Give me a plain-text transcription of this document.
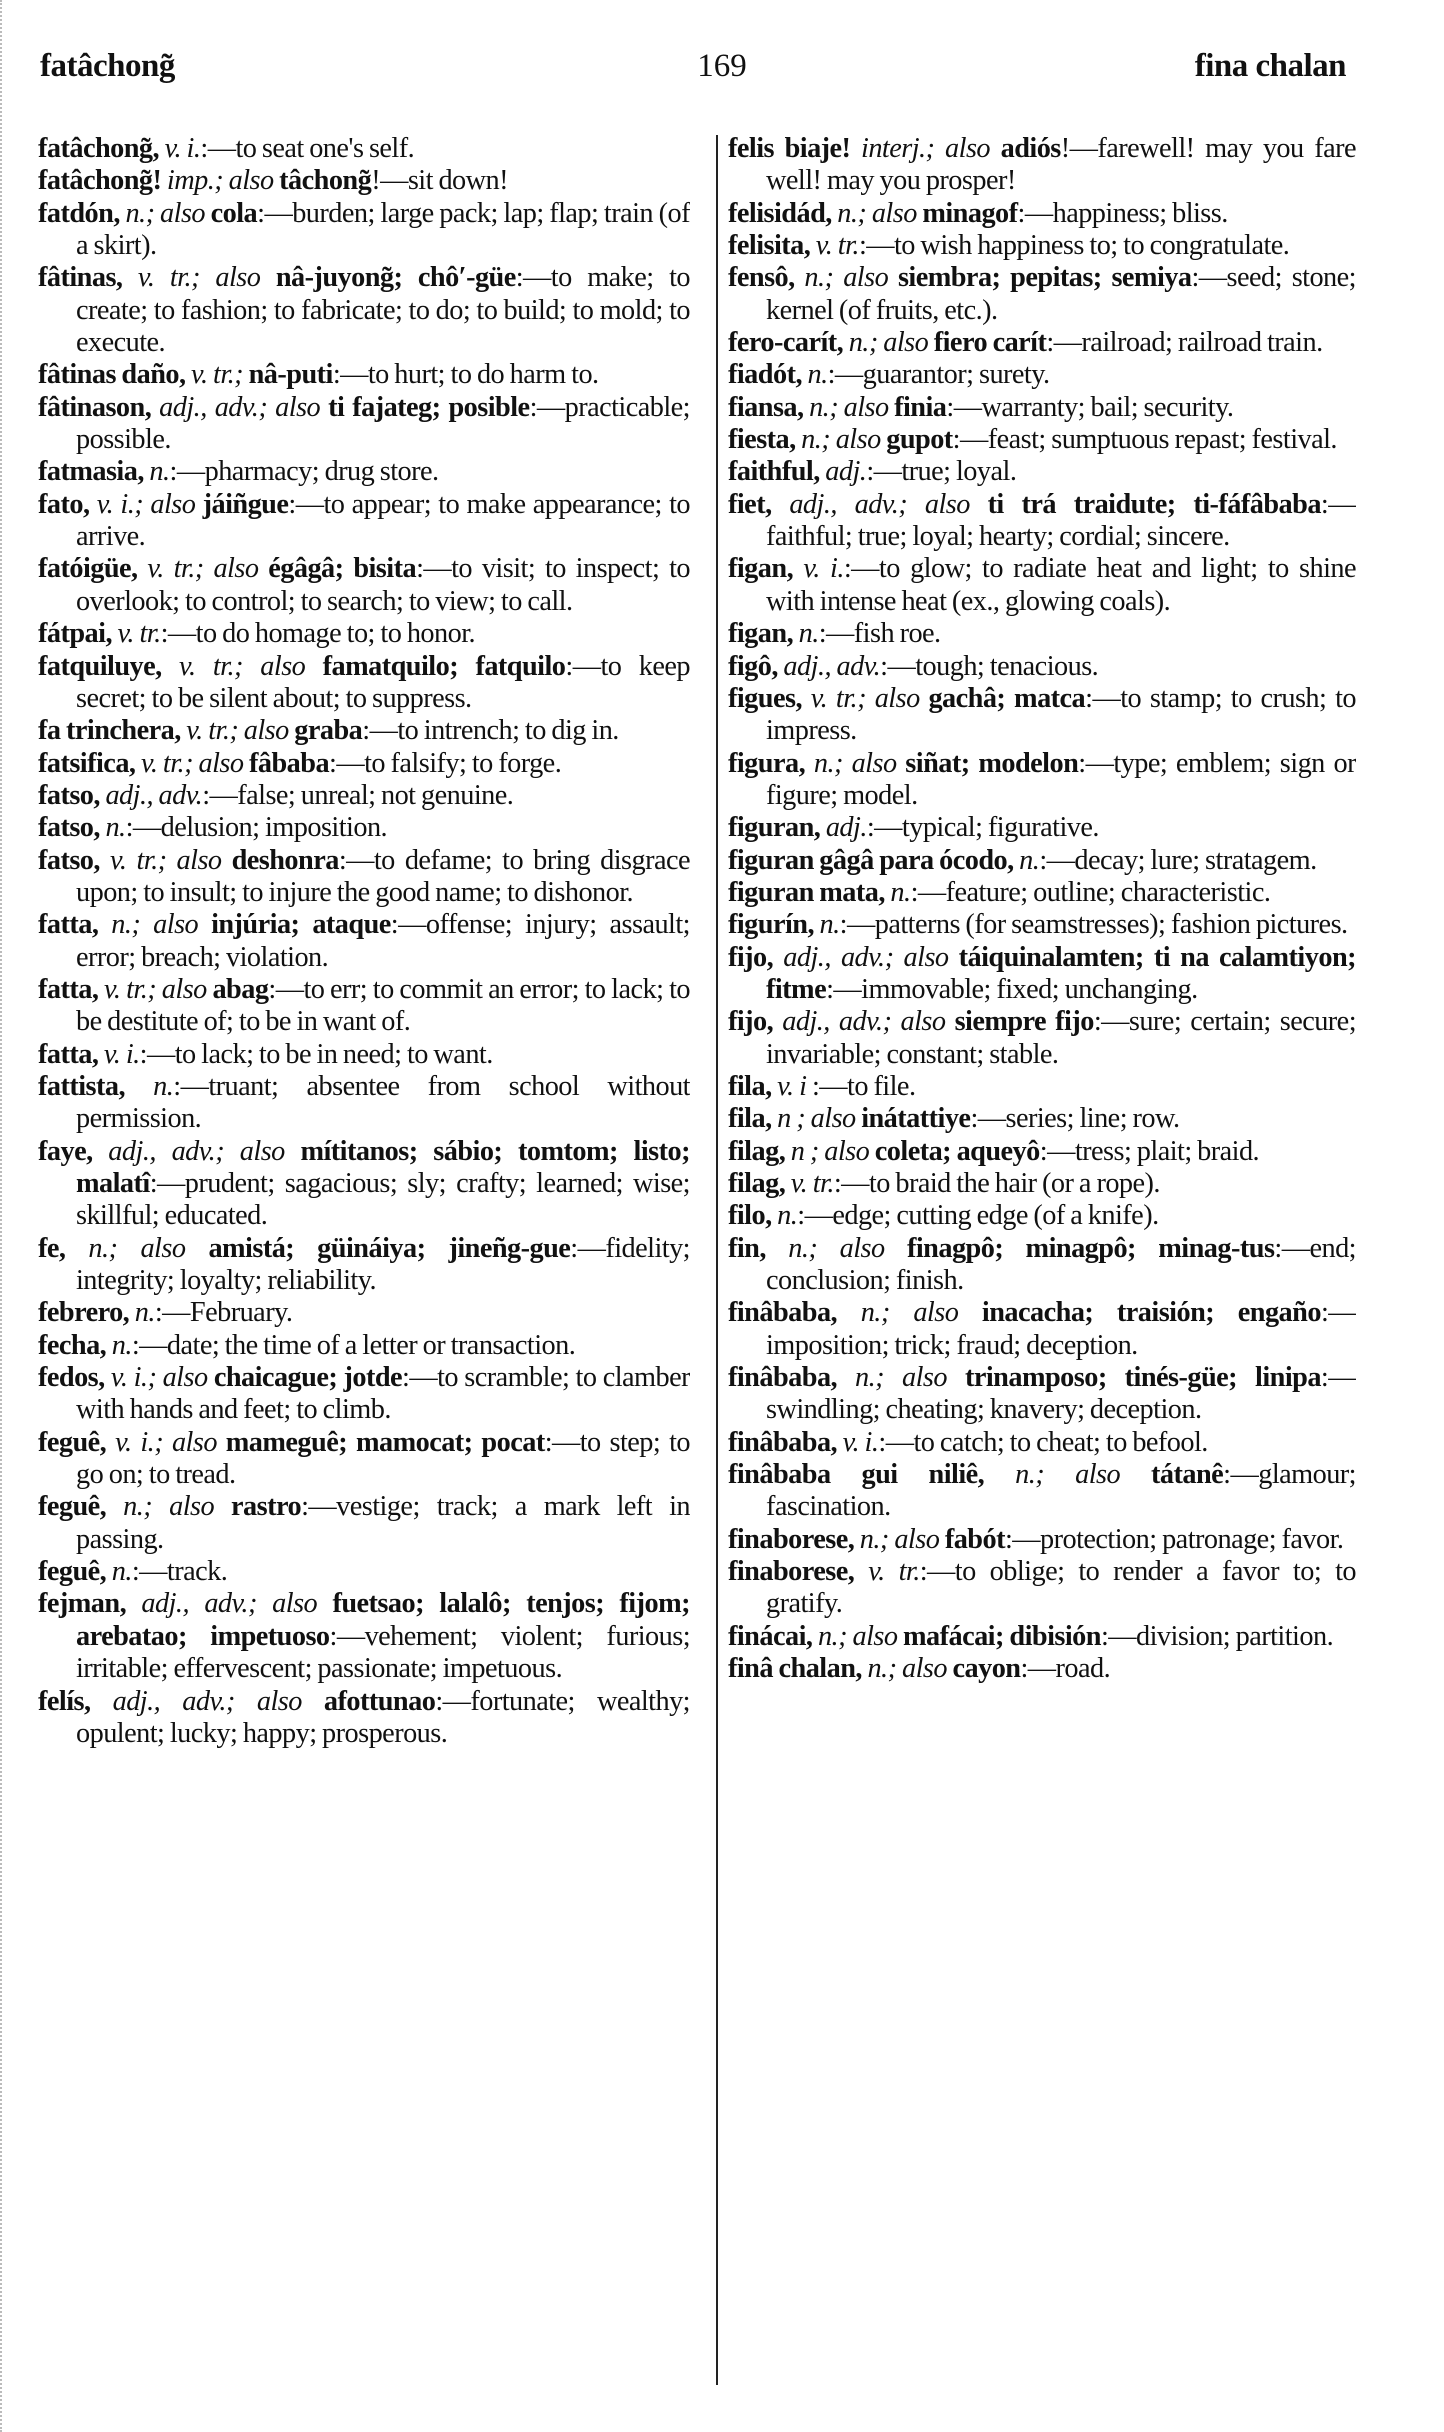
169
fatâchong̃	fina chalan

fatâchong̃, v. i.:—to seat one's self.

fatâchong̃! imp.; also tâchong̃!—sit down!

fatdón, n.; also cola:—burden; large pack; lap; flap; train (of a skirt).

fâtinas, v. tr.; also nâ-juyong̃; chô′-güe:—to make; to create; to fashion; to fabricate; to do; to build; to mold; to execute.

fâtinas daño, v. tr.; nâ-puti:—to hurt; to do harm to.

fâtinason, adj., adv.; also ti fajateg; posible:—practicable; possible.

fatmasia, n.:—pharmacy; drug store.

fato, v. i.; also jáiñgue:—to appear; to make appearance; to arrive.

fatóigüe, v. tr.; also égâgâ; bisita:—to visit; to inspect; to overlook; to control; to search; to view; to call.

fátpai, v. tr.:—to do homage to; to honor.

fatquiluye, v. tr.; also famatquilo; fatquilo:—to keep secret; to be silent about; to suppress.

fa trinchera, v. tr.; also graba:—to intrench; to dig in.

fatsifica, v. tr.; also fâbaba:—to falsify; to forge.

fatso, adj., adv.:—false; unreal; not genuine.

fatso, n.:—delusion; imposition.

fatso, v. tr.; also deshonra:—to defame; to bring disgrace upon; to insult; to injure the good name; to dishonor.

fatta, n.; also injúria; ataque:—offense; injury; assault; error; breach; violation.

fatta, v. tr.; also abag:—to err; to commit an error; to lack; to be destitute of; to be in want of.

fatta, v. i.:—to lack; to be in need; to want.

fattista, n.:—truant; absentee from school without permission.

faye, adj., adv.; also mítitanos; sábio; tomtom; listo; malatî:—prudent; sagacious; sly; crafty; learned; wise; skillful; educated.

fe, n.; also amistá; güináiya; jineñg-gue:—fidelity; integrity; loyalty; reliability.

febrero, n.:—February.

fecha, n.:—date; the time of a letter or transaction.

fedos, v. i.; also chaicague; jotde:—to scramble; to clamber with hands and feet; to climb.

feguê, v. i.; also mameguê; mamocat; pocat:—to step; to go on; to tread.

feguê, n.; also rastro:—vestige; track; a mark left in passing.

feguê, n.:—track.

fejman, adj., adv.; also fuetsao; lalalô; tenjos; fijom; arebatao; impetuoso:—vehement; violent; furious; irritable; effervescent; passionate; impetuous.

felís, adj., adv.; also afottunao:—fortunate; wealthy; opulent; lucky; happy; prosperous.

felis biaje! interj.; also adiós!—farewell! may you fare well! may you prosper!

felisidád, n.; also minagof:—happiness; bliss.

felisita, v. tr.:—to wish happiness to; to congratulate.

fensô, n.; also siembra; pepitas; semiya:—seed; stone; kernel (of fruits, etc.).

fero-carít, n.; also fiero carít:—railroad; railroad train.

fiadót, n.:—guarantor; surety.

fiansa, n.; also finia:—warranty; bail; security.

fiesta, n.; also gupot:—feast; sumptuous repast; festival.

faithful, adj.:—true; loyal.

fiet, adj., adv.; also ti trá traidute; ti-fáfâbaba:—faithful; true; loyal; hearty; cordial; sincere.

figan, v. i.:—to glow; to radiate heat and light; to shine with intense heat (ex., glowing coals).

figan, n.:—fish roe.

figô, adj., adv.:—tough; tenacious.

figues, v. tr.; also gachâ; matca:—to stamp; to crush; to impress.

figura, n.; also siñat; modelon:—type; emblem; sign or figure; model.

figuran, adj.:—typical; figurative.

figuran gâgâ para ócodo, n.:—decay; lure; stratagem.

figuran mata, n.:—feature; outline; characteristic.

figurín, n.:—patterns (for seamstresses); fashion pictures.

fijo, adj., adv.; also táiquinalamten; ti na calamtiyon; fitme:—immovable; fixed; unchanging.

fijo, adj., adv.; also siempre fijo:—sure; certain; secure; invariable; constant; stable.

fila, v. i :—to file.

fila, n ; also inátattiye:—series; line; row.

filag, n ; also coleta; aqueyô:—tress; plait; braid.

filag, v. tr.:—to braid the hair (or a rope).

filo, n.:—edge; cutting edge (of a knife).

fin, n.; also finagpô; minagpô; minag-tus:—end; conclusion; finish.

finâbaba, n.; also inacacha; traisión; engaño:—imposition; trick; fraud; deception.

finâbaba, n.; also trinamposo; tinés-güe; linipa:—swindling; cheating; knavery; deception.

finâbaba, v. i.:—to catch; to cheat; to befool.

finâbaba gui niliê, n.; also tátanê:—glamour; fascination.

finaborese, n.; also fabót:—protection; patronage; favor.

finaborese, v. tr.:—to oblige; to render a favor to; to gratify.

finácai, n.; also mafácai; dibisión:—division; partition.

finâ chalan, n.; also cayon:—road.
